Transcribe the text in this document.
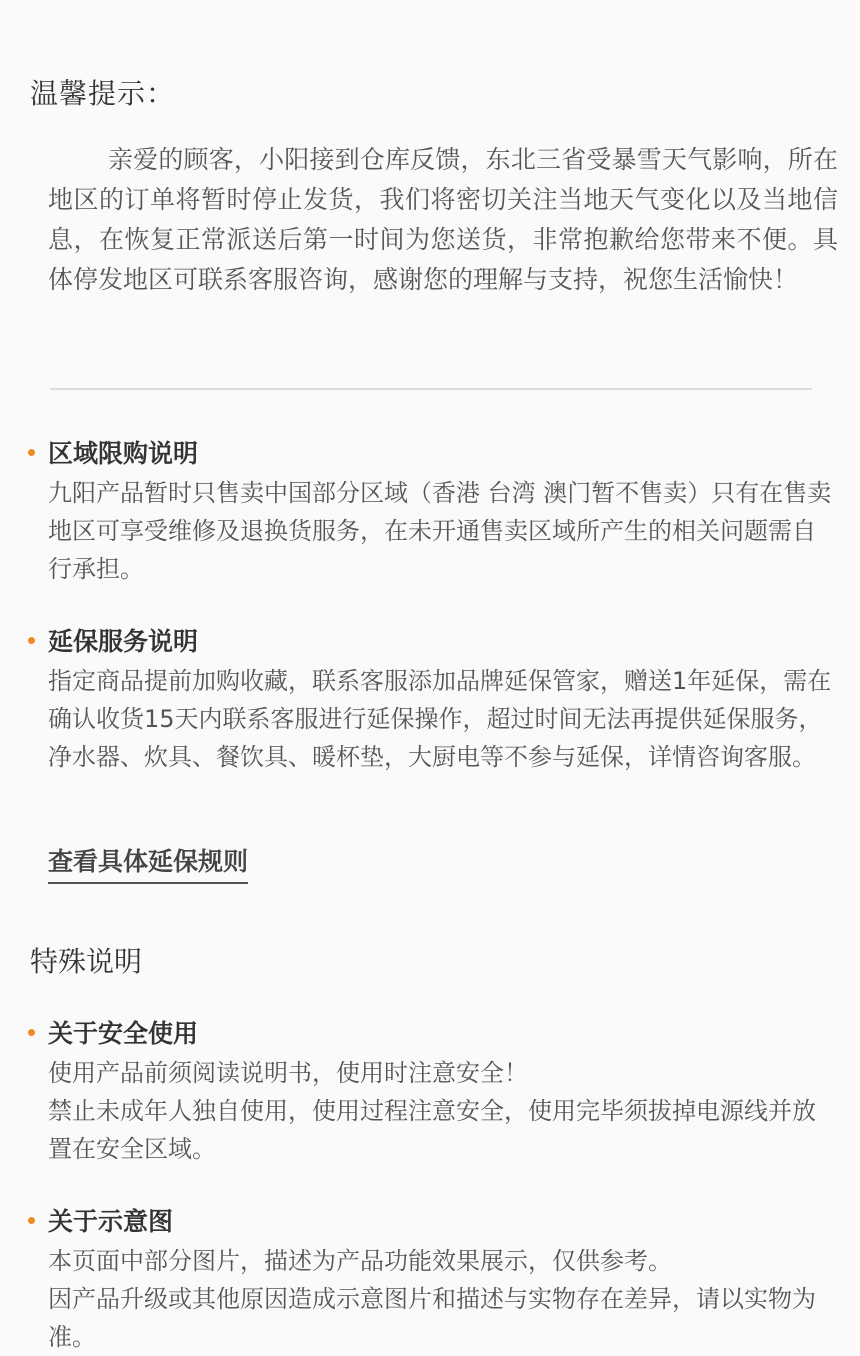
温馨提示：
亲爱的顾客，小阳接到仓库反馈，东北三省受暴雪天气影响，所在地区的订单将暂时停止发货，我们将密切关注当地天气变化以及当地信息，在恢复正常派送后第一时间为您送货，非常抱歉给您带来不便。具体停发地区可联系客服咨询，感谢您的理解与支持，祝您生活愉快！
区域限购说明

九阳产品暂时只售卖中国部分区域（香港 台湾 澳门暂不售卖）只有在售卖地区可享受维修及退换货服务，在未开通售卖区域所产生的相关问题需自行承担。

延保服务说明

指定商品提前加购收藏，联系客服添加品牌延保管家，赠送1年延保，需在确认收货15天内联系客服进行延保操作，超过时间无法再提供延保服务，净水器、炊具、餐饮具、暖杯垫，大厨电等不参与延保，详情咨询客服。

查看具体延保规则
特殊说明
关于安全使用

使用产品前须阅读说明书，使用时注意安全！

禁止未成年人独自使用，使用过程注意安全，使用完毕须拔掉电源线并放置在安全区域。

关于示意图

本页面中部分图片，描述为产品功能效果展示，仅供参考。

因产品升级或其他原因造成示意图片和描述与实物存在差异，请以实物为准。
